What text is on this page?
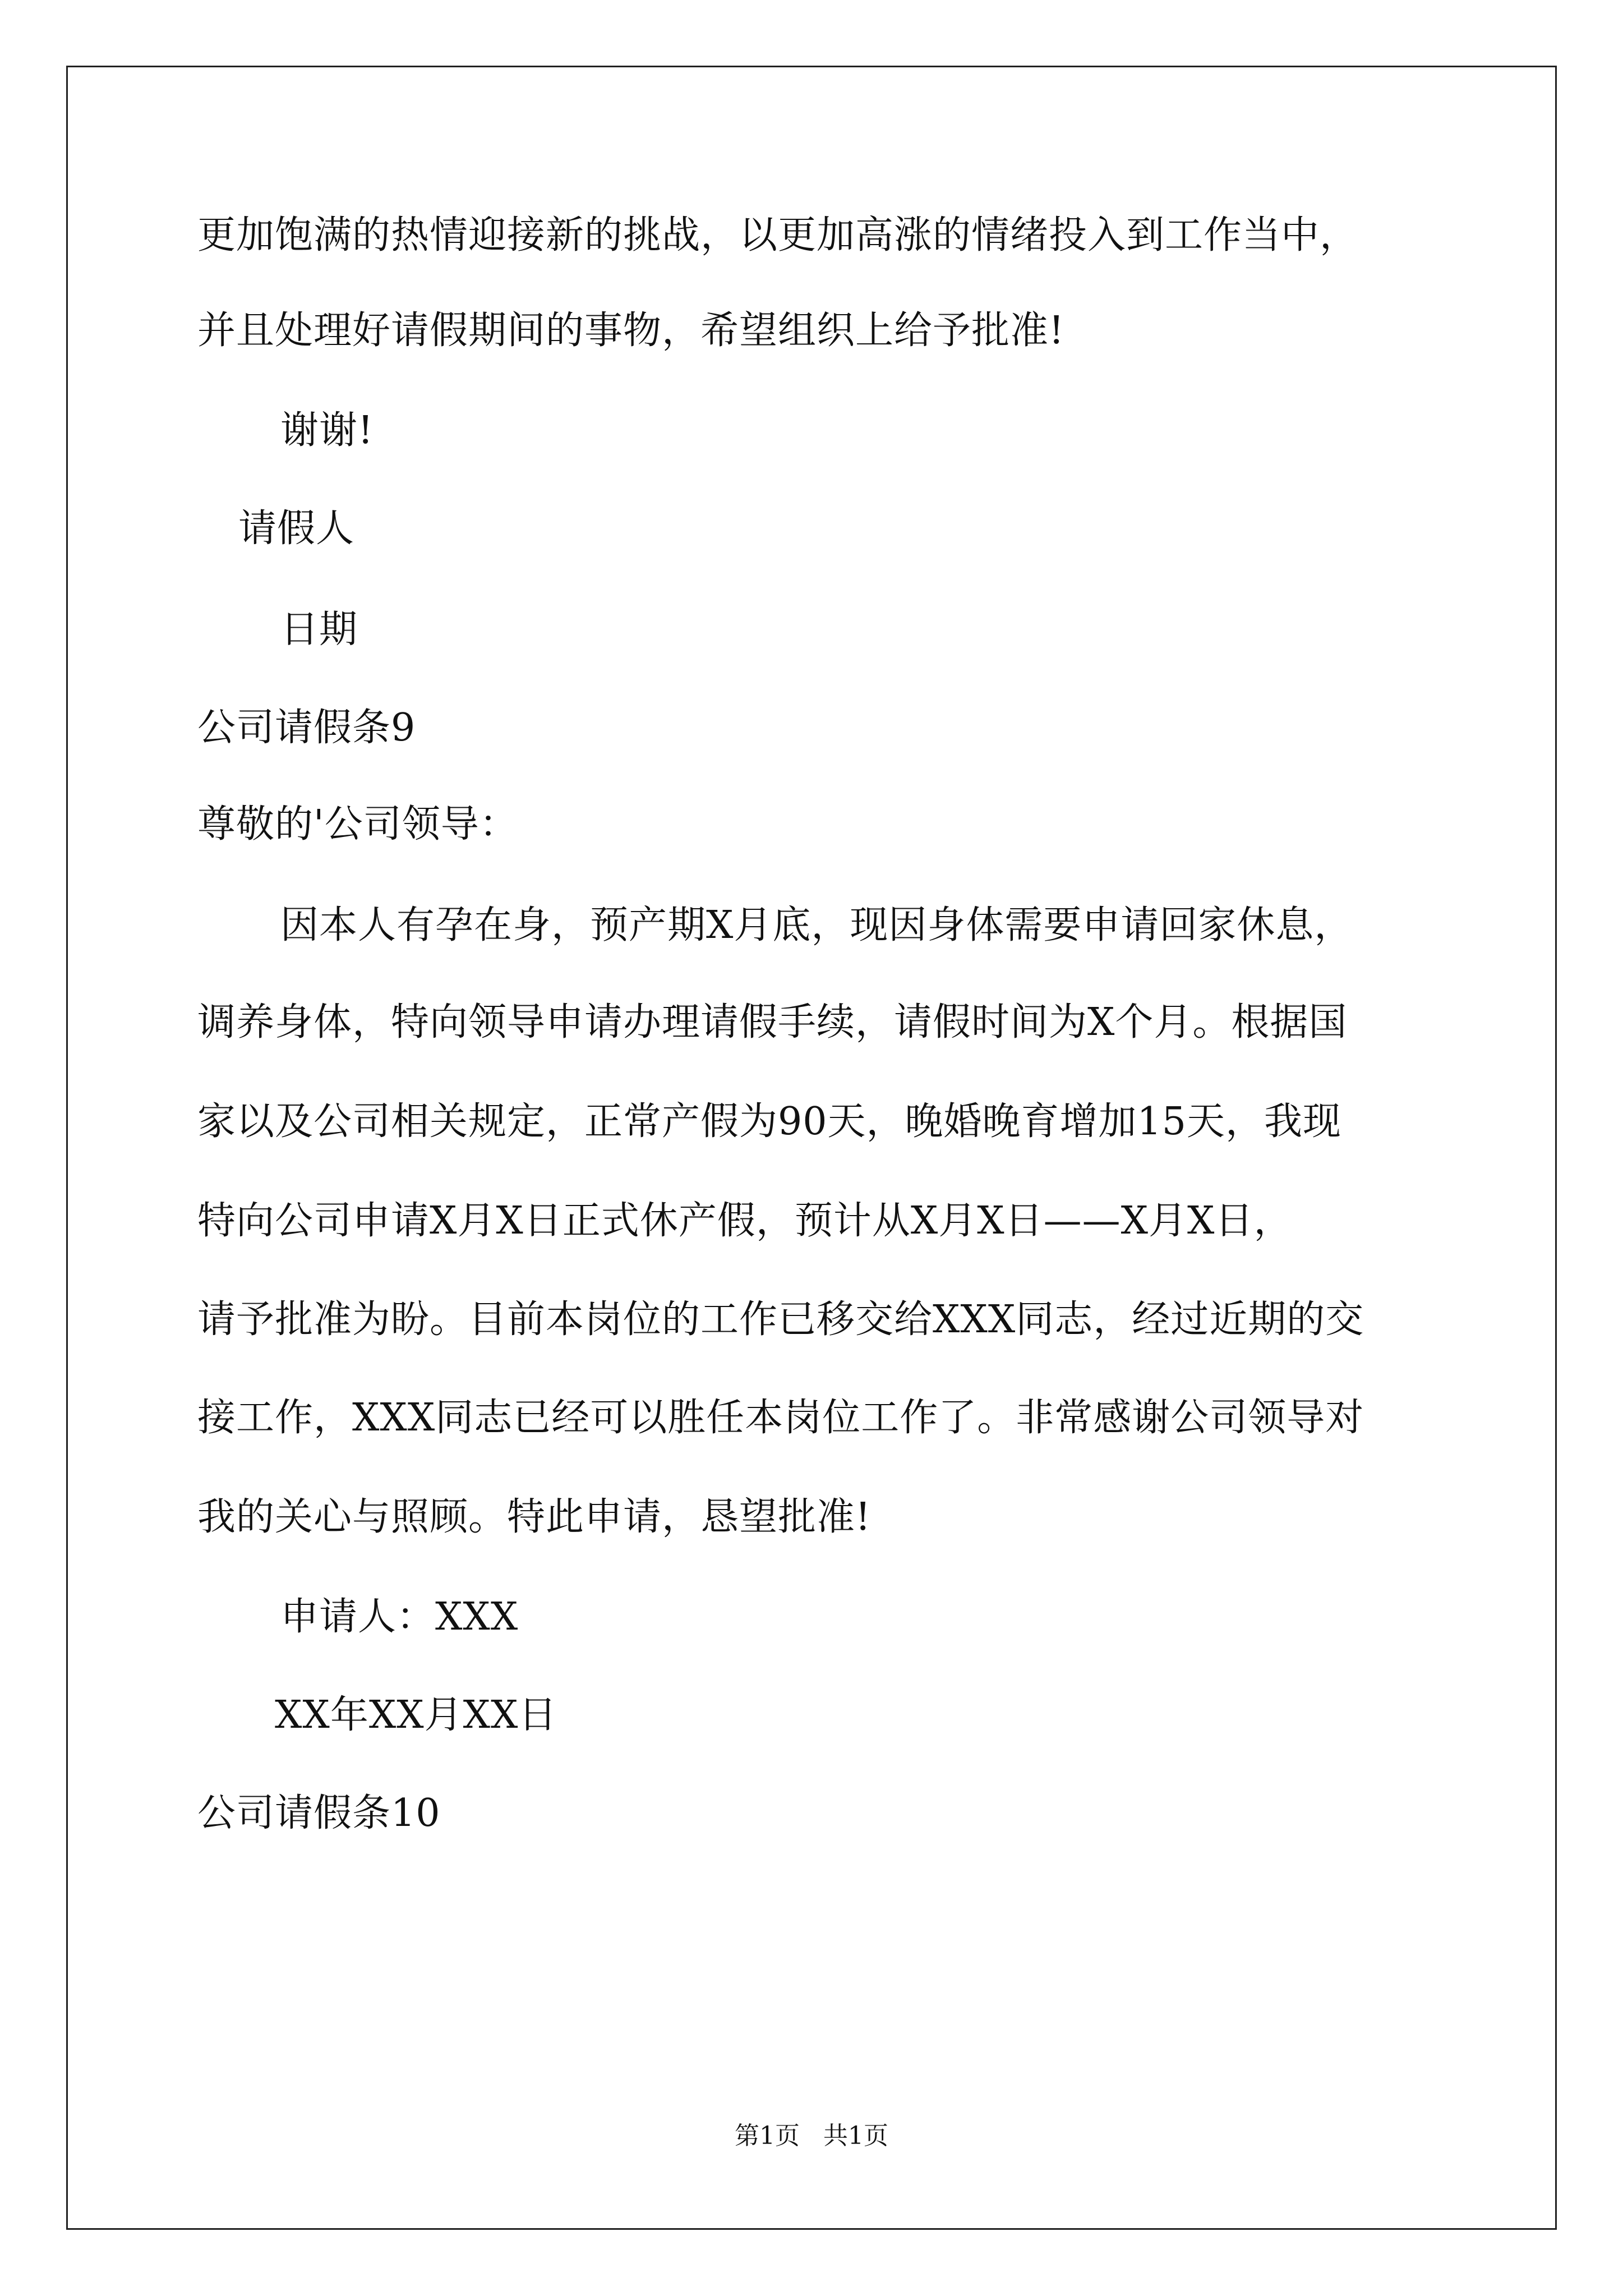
更加饱满的热情迎接新的挑战，以更加高涨的情绪投入到工作当中，
并且处理好请假期间的事物，希望组织上给予批准!
谢谢!
请假人
日期
公司请假条9
尊敬的'公司领导：
因本人有孕在身，预产期X月底，现因身体需要申请回家休息，
调养身体，特向领导申请办理请假手续，请假时间为X个月。根据国
家以及公司相关规定，正常产假为90天，晚婚晚育增加15天，我现
特向公司申请X月X日正式休产假，预计从X月X日——X月X日，
请予批准为盼。目前本岗位的工作已移交给XXX同志，经过近期的交
接工作，XXX同志已经可以胜任本岗位工作了。非常感谢公司领导对
我的关心与照顾。特此申请，恳望批准!
申请人：XXX
XX年XX月XX日
公司请假条10
第1页   共1页
